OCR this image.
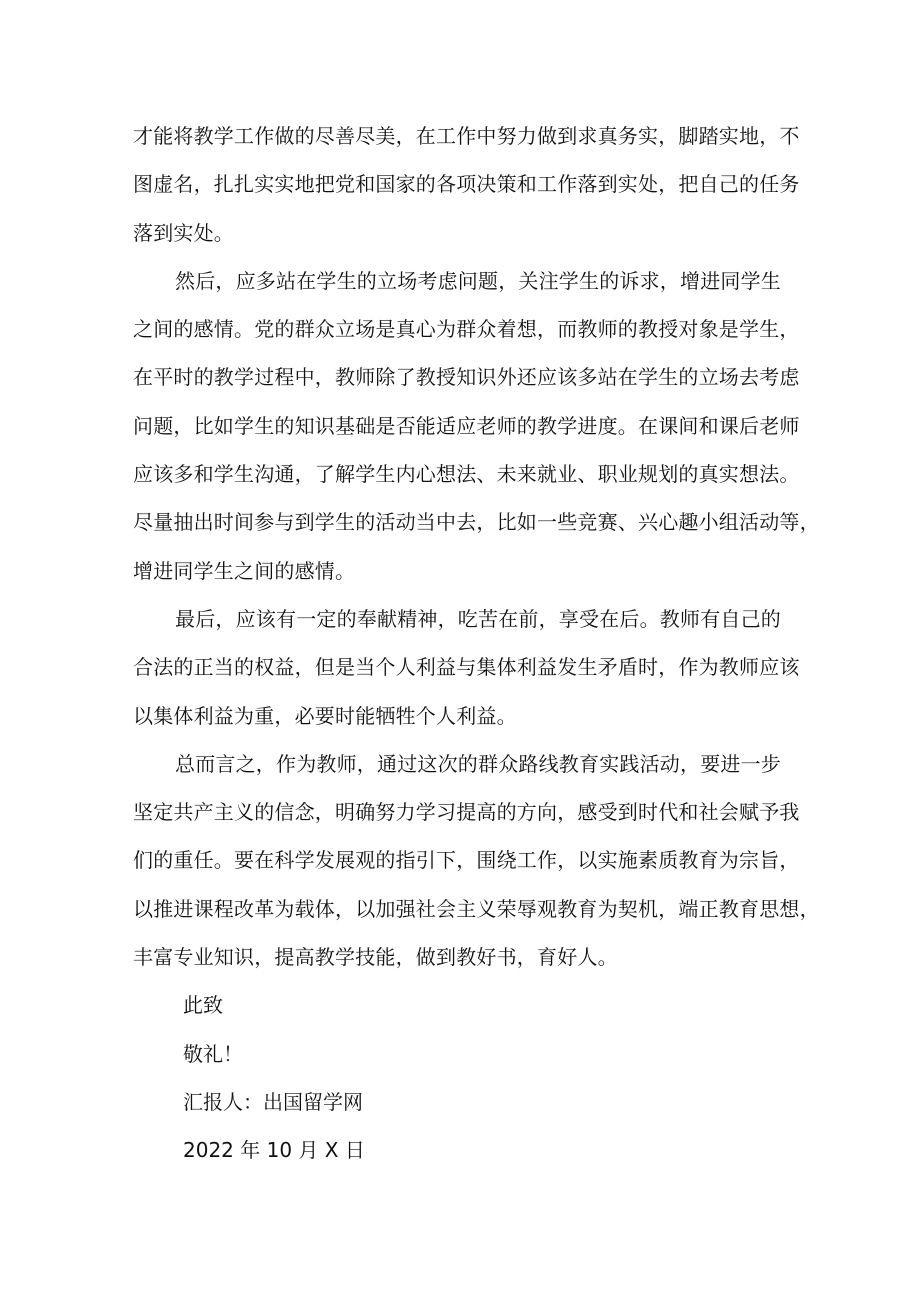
才能将教学工作做的尽善尽美，在工作中努力做到求真务实，脚踏实地，不
图虚名，扎扎实实地把党和国家的各项决策和工作落到实处，把自己的任务
落到实处。

然后，应多站在学生的立场考虑问题，关注学生的诉求，增进同学生
之间的感情。党的群众立场是真心为群众着想，而教师的教授对象是学生，
在平时的教学过程中，教师除了教授知识外还应该多站在学生的立场去考虑
问题，比如学生的知识基础是否能适应老师的教学进度。在课间和课后老师
应该多和学生沟通，了解学生内心想法、未来就业、职业规划的真实想法。
尽量抽出时间参与到学生的活动当中去，比如一些竞赛、兴心趣小组活动等，
增进同学生之间的感情。

最后，应该有一定的奉献精神，吃苦在前，享受在后。教师有自己的
合法的正当的权益，但是当个人利益与集体利益发生矛盾时，作为教师应该
以集体利益为重，必要时能牺牲个人利益。

总而言之，作为教师，通过这次的群众路线教育实践活动，要进一步
坚定共产主义的信念，明确努力学习提高的方向，感受到时代和社会赋予我
们的重任。要在科学发展观的指引下，围绕工作，以实施素质教育为宗旨，
以推进课程改革为载体，以加强社会主义荣辱观教育为契机，端正教育思想，
丰富专业知识，提高教学技能，做到教好书，育好人。

此致

敬礼！

汇报人：出国留学网

2022 年 10 月 X 日
